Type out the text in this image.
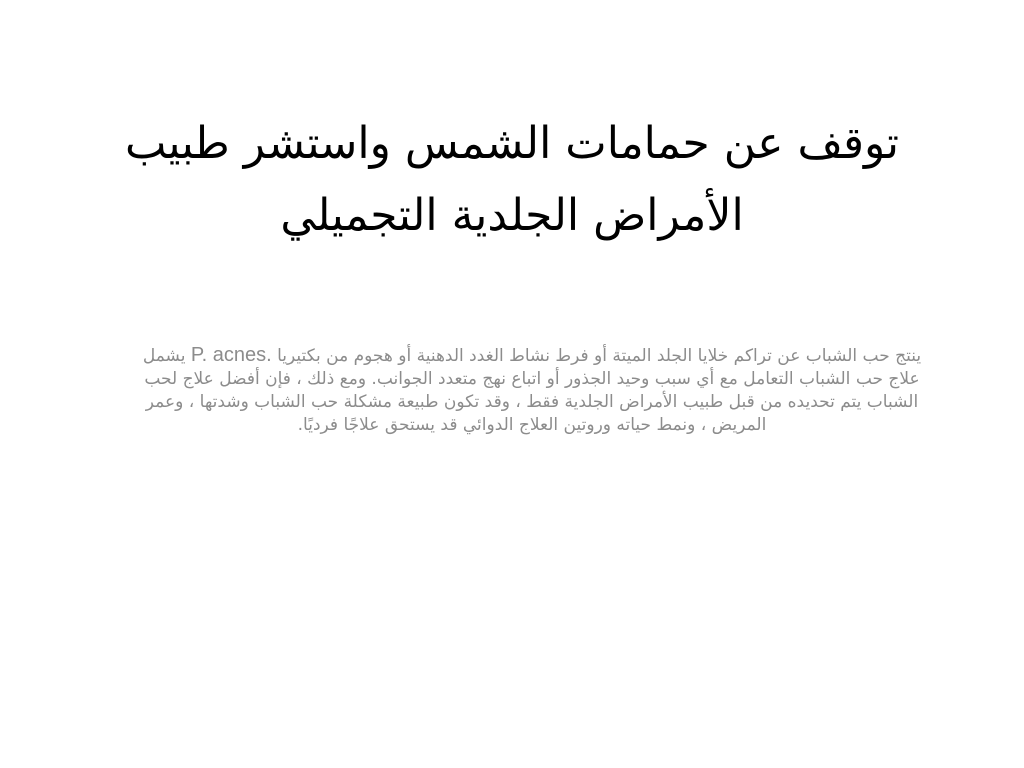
توقف عن حمامات الشمس واستشر طبيب الأمراض الجلدية التجميلي

ينتج حب الشباب عن تراكم خلايا الجلد الميتة أو فرط نشاط الغدد الدهنية أو هجوم من بكتيريا P. acnes. يشمل علاج حب الشباب التعامل مع أي سبب وحيد الجذور أو اتباع نهج متعدد الجوانب. ومع ذلك ، فإن أفضل علاج لحب الشباب يتم تحديده من قبل طبيب الأمراض الجلدية فقط ، وقد تكون طبيعة مشكلة حب الشباب وشدتها ، وعمر المريض ، ونمط حياته وروتين العلاج الدوائي قد يستحق علاجًا فرديًا.
